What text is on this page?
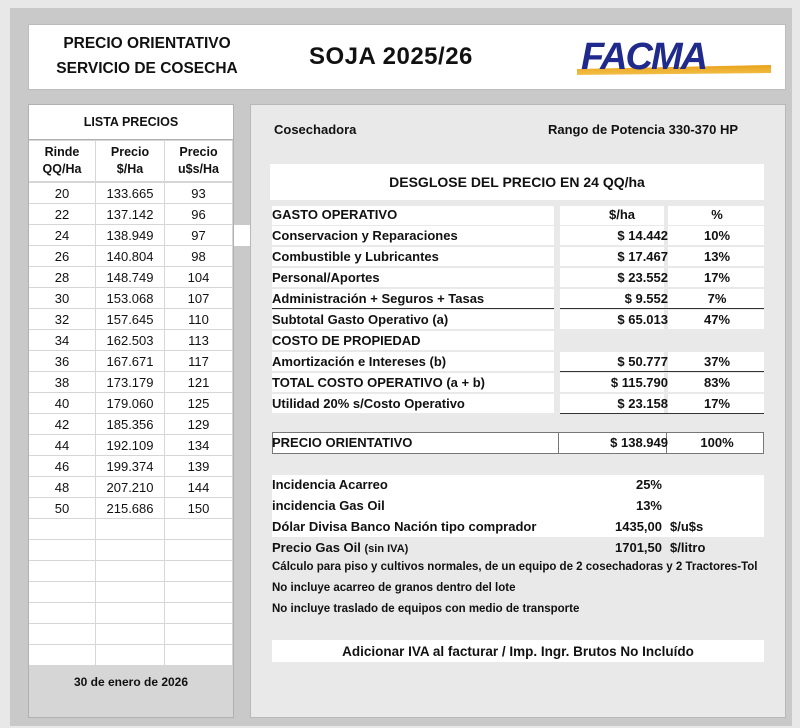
PRECIO ORIENTATIVO
SERVICIO DE COSECHA	SOJA 2025/26	FACMA
LISTA PRECIOS
Rinde
QQ/Ha
Precio
$/Ha
Precio
u$s/Ha
20	133.665	93
22	137.142	96
24	138.949	97
26	140.804	98
28	148.749	104
30	153.068	107
32	157.645	110
34	162.503	113
36	167.671	117
38	173.179	121
40	179.060	125
42	185.356	129
44	192.109	134
46	199.374	139
48	207.210	144
50	215.686	150
30 de enero de 2026
Cosechadora	Rango de Potencia 330-370 HP
DESGLOSE DEL PRECIO EN 24 QQ/ha
GASTO OPERATIVO	$/ha	%
Conservacion y Reparaciones	$ 14.442	10%
Combustible y Lubricantes	$ 17.467	13%
Personal/Aportes	$ 23.552	17%
Administración + Seguros + Tasas	$ 9.552	7%
Subtotal Gasto Operativo (a)	$ 65.013	47%
COSTO DE PROPIEDAD
Amortización e Intereses (b)	$ 50.777	37%
TOTAL COSTO OPERATIVO (a + b)	$ 115.790	83%
Utilidad 20% s/Costo Operativo	$ 23.158	17%
PRECIO ORIENTATIVO	$ 138.949	100%
Incidencia Acarreo	25%
incidencia Gas Oil	13%
Dólar Divisa Banco Nación tipo comprador	1435,00 $/u$s
Precio Gas Oil (sin IVA)	1701,50 $/litro
Cálculo para piso y cultivos normales, de un equipo de 2 cosechadoras y 2 Tractores-Tol
No incluye acarreo de granos dentro del lote
No incluye traslado de equipos con medio de transporte
Adicionar IVA al facturar / Imp. Ingr. Brutos No Incluído
